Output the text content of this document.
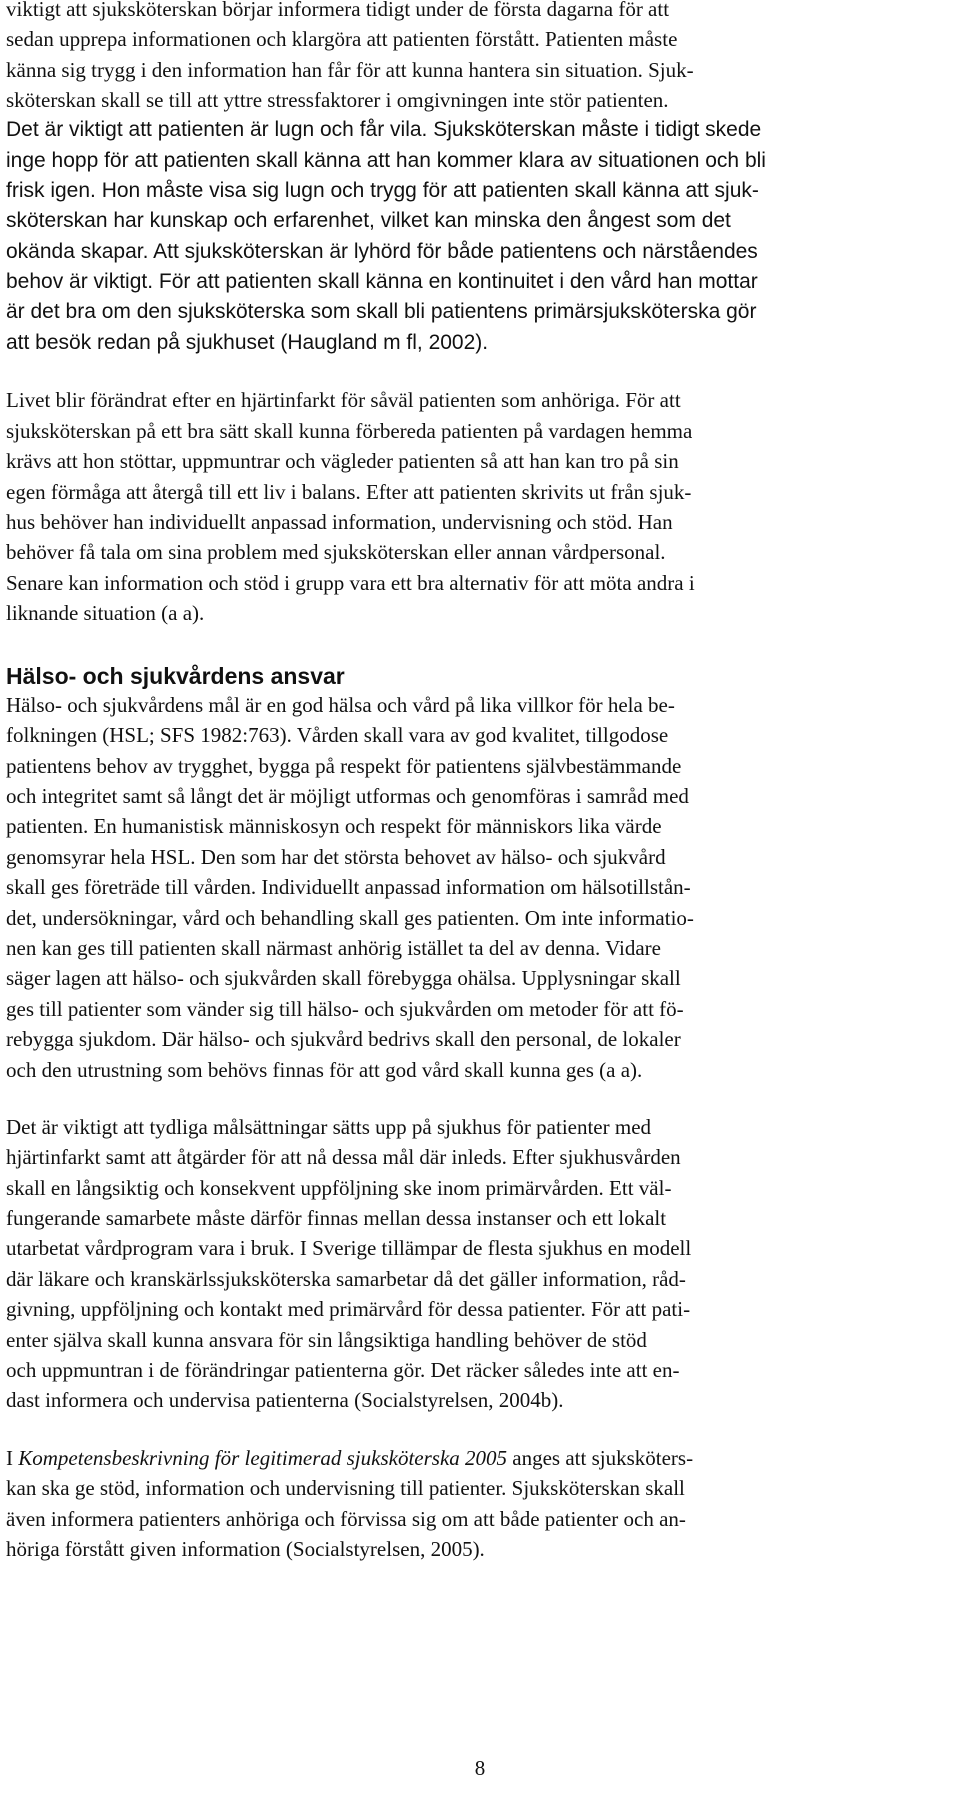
viktigt att sjuksköterskan börjar informera tidigt under de första dagarna för att
sedan upprepa informationen och klargöra att patienten förstått. Patienten måste
känna sig trygg i den information han får för att kunna hantera sin situation. Sjuk-
sköterskan skall se till att yttre stressfaktorer i omgivningen inte stör patienten.
Det är viktigt att patienten är lugn och får vila. Sjuksköterskan måste i tidigt skede
inge hopp för att patienten skall känna att han kommer klara av situationen och bli
frisk igen. Hon måste visa sig lugn och trygg för att patienten skall känna att sjuk-
sköterskan har kunskap och erfarenhet, vilket kan minska den ångest som det
okända skapar. Att sjuksköterskan är lyhörd för både patientens och närståendes
behov är viktigt. För att patienten skall känna en kontinuitet i den vård han mottar
är det bra om den sjuksköterska som skall bli patientens primärsjuksköterska gör
att besök redan på sjukhuset (Haugland m fl, 2002).
Livet blir förändrat efter en hjärtinfarkt för såväl patienten som anhöriga. För att
sjuksköterskan på ett bra sätt skall kunna förbereda patienten på vardagen hemma
krävs att hon stöttar, uppmuntrar och vägleder patienten så att han kan tro på sin
egen förmåga att återgå till ett liv i balans. Efter att patienten skrivits ut från sjuk-
hus behöver han individuellt anpassad information, undervisning och stöd. Han
behöver få tala om sina problem med sjuksköterskan eller annan vårdpersonal.
Senare kan information och stöd i grupp vara ett bra alternativ för att möta andra i
liknande situation (a a).
Hälso- och sjukvårdens ansvar
Hälso- och sjukvårdens mål är en god hälsa och vård på lika villkor för hela be-
folkningen (HSL; SFS 1982:763). Vården skall vara av god kvalitet, tillgodose
patientens behov av trygghet, bygga på respekt för patientens självbestämmande
och integritet samt så långt det är möjligt utformas och genomföras i samråd med
patienten. En humanistisk människosyn och respekt för människors lika värde
genomsyrar hela HSL. Den som har det största behovet av hälso- och sjukvård
skall ges företräde till vården. Individuellt anpassad information om hälsotillstån-
det, undersökningar, vård och behandling skall ges patienten. Om inte informatio-
nen kan ges till patienten skall närmast anhörig istället ta del av denna. Vidare
säger lagen att hälso- och sjukvården skall förebygga ohälsa. Upplysningar skall
ges till patienter som vänder sig till hälso- och sjukvården om metoder för att fö-
rebygga sjukdom. Där hälso- och sjukvård bedrivs skall den personal, de lokaler
och den utrustning som behövs finnas för att god vård skall kunna ges (a a).
Det är viktigt att tydliga målsättningar sätts upp på sjukhus för patienter med
hjärtinfarkt samt att åtgärder för att nå dessa mål där inleds. Efter sjukhusvården
skall en långsiktig och konsekvent uppföljning ske inom primärvården. Ett väl-
fungerande samarbete måste därför finnas mellan dessa instanser och ett lokalt
utarbetat vårdprogram vara i bruk. I Sverige tillämpar de flesta sjukhus en modell
där läkare och kranskärlssjuksköterska samarbetar då det gäller information, råd-
givning, uppföljning och kontakt med primärvård för dessa patienter. För att pati-
enter själva skall kunna ansvara för sin långsiktiga handling behöver de stöd
och uppmuntran i de förändringar patienterna gör. Det räcker således inte att en-
dast informera och undervisa patienterna (Socialstyrelsen, 2004b).
I Kompetensbeskrivning för legitimerad sjuksköterska 2005 anges att sjuksköters-
kan ska ge stöd, information och undervisning till patienter. Sjuksköterskan skall
även informera patienters anhöriga och förvissa sig om att både patienter och an-
höriga förstått given information (Socialstyrelsen, 2005).
8
